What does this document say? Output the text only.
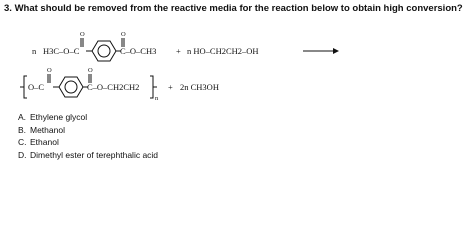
3. What should be removed from the reactive media for the reaction below to obtain high conversion?
n H3C–O–C
O	O
C–O–CH3 + n HO–CH2CH2–OH
O–C
O	O
C–O–CH2CH2
n
+ 2n CH3OH
A. Ethylene glycol
B. Methanol
C. Ethanol
D. Dimethyl ester of terephthalic acid
